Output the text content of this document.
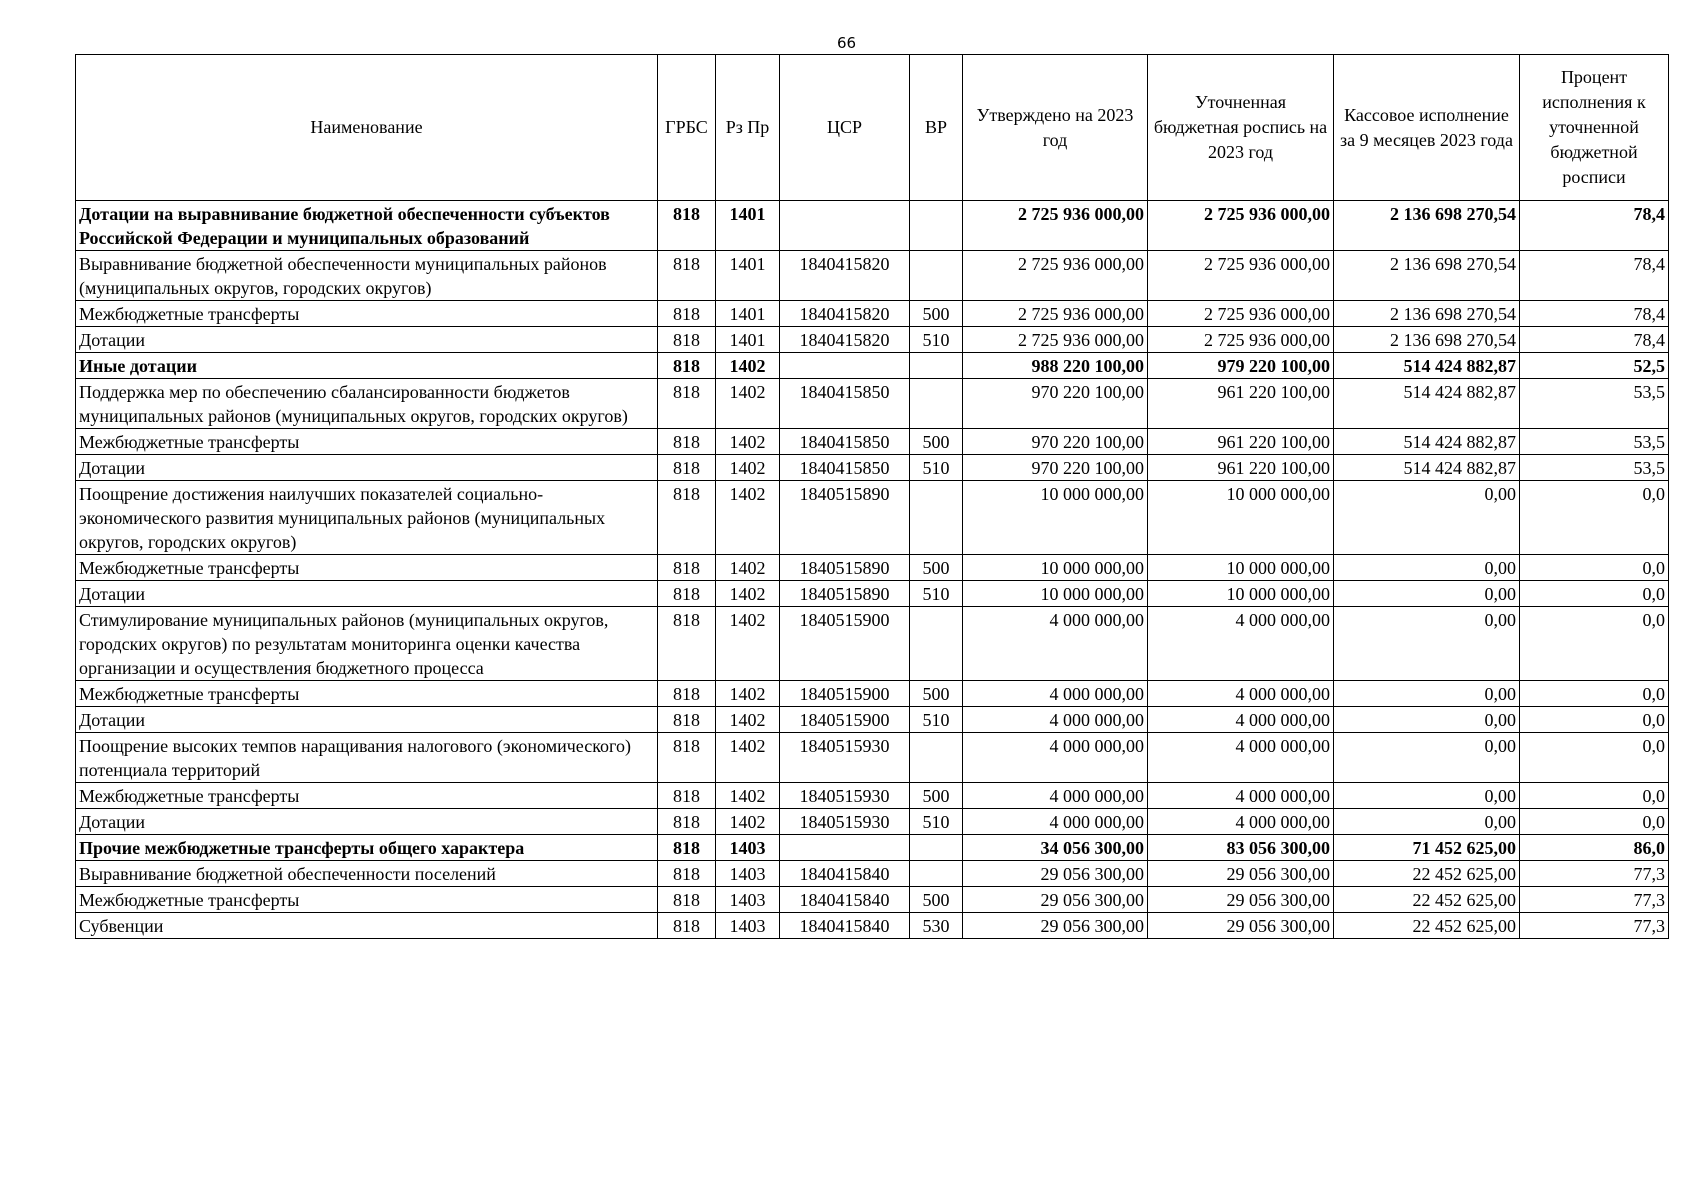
66
Наименование	ГРБС	Рз Пр	ЦСР	ВР	Утверждено на 2023 год	Уточненная бюджетная роспись на 2023 год	Кассовое исполнение за 9 месяцев 2023 года	Процент исполнения к уточненной бюджетной росписи
Дотации на выравнивание бюджетной обеспеченности субъектов Российской Федерации и муниципальных образований	818	1401			2 725 936 000,00	2 725 936 000,00	2 136 698 270,54	78,4
Выравнивание бюджетной обеспеченности муниципальных районов (муниципальных округов, городских округов)	818	1401	1840415820		2 725 936 000,00	2 725 936 000,00	2 136 698 270,54	78,4
Межбюджетные трансферты	818	1401	1840415820	500	2 725 936 000,00	2 725 936 000,00	2 136 698 270,54	78,4
Дотации	818	1401	1840415820	510	2 725 936 000,00	2 725 936 000,00	2 136 698 270,54	78,4
Иные дотации	818	1402			988 220 100,00	979 220 100,00	514 424 882,87	52,5
Поддержка мер по обеспечению сбалансированности бюджетов муниципальных районов (муниципальных округов, городских округов)	818	1402	1840415850		970 220 100,00	961 220 100,00	514 424 882,87	53,5
Межбюджетные трансферты	818	1402	1840415850	500	970 220 100,00	961 220 100,00	514 424 882,87	53,5
Дотации	818	1402	1840415850	510	970 220 100,00	961 220 100,00	514 424 882,87	53,5
Поощрение достижения наилучших показателей социально-экономического развития муниципальных районов (муниципальных округов, городских округов)	818	1402	1840515890		10 000 000,00	10 000 000,00	0,00	0,0
Межбюджетные трансферты	818	1402	1840515890	500	10 000 000,00	10 000 000,00	0,00	0,0
Дотации	818	1402	1840515890	510	10 000 000,00	10 000 000,00	0,00	0,0
Стимулирование муниципальных районов (муниципальных округов, городских округов) по результатам мониторинга оценки качества организации и осуществления бюджетного процесса	818	1402	1840515900		4 000 000,00	4 000 000,00	0,00	0,0
Межбюджетные трансферты	818	1402	1840515900	500	4 000 000,00	4 000 000,00	0,00	0,0
Дотации	818	1402	1840515900	510	4 000 000,00	4 000 000,00	0,00	0,0
Поощрение высоких темпов наращивания налогового (экономического) потенциала территорий	818	1402	1840515930		4 000 000,00	4 000 000,00	0,00	0,0
Межбюджетные трансферты	818	1402	1840515930	500	4 000 000,00	4 000 000,00	0,00	0,0
Дотации	818	1402	1840515930	510	4 000 000,00	4 000 000,00	0,00	0,0
Прочие межбюджетные трансферты общего характера	818	1403			34 056 300,00	83 056 300,00	71 452 625,00	86,0
Выравнивание бюджетной обеспеченности поселений	818	1403	1840415840		29 056 300,00	29 056 300,00	22 452 625,00	77,3
Межбюджетные трансферты	818	1403	1840415840	500	29 056 300,00	29 056 300,00	22 452 625,00	77,3
Субвенции	818	1403	1840415840	530	29 056 300,00	29 056 300,00	22 452 625,00	77,3
